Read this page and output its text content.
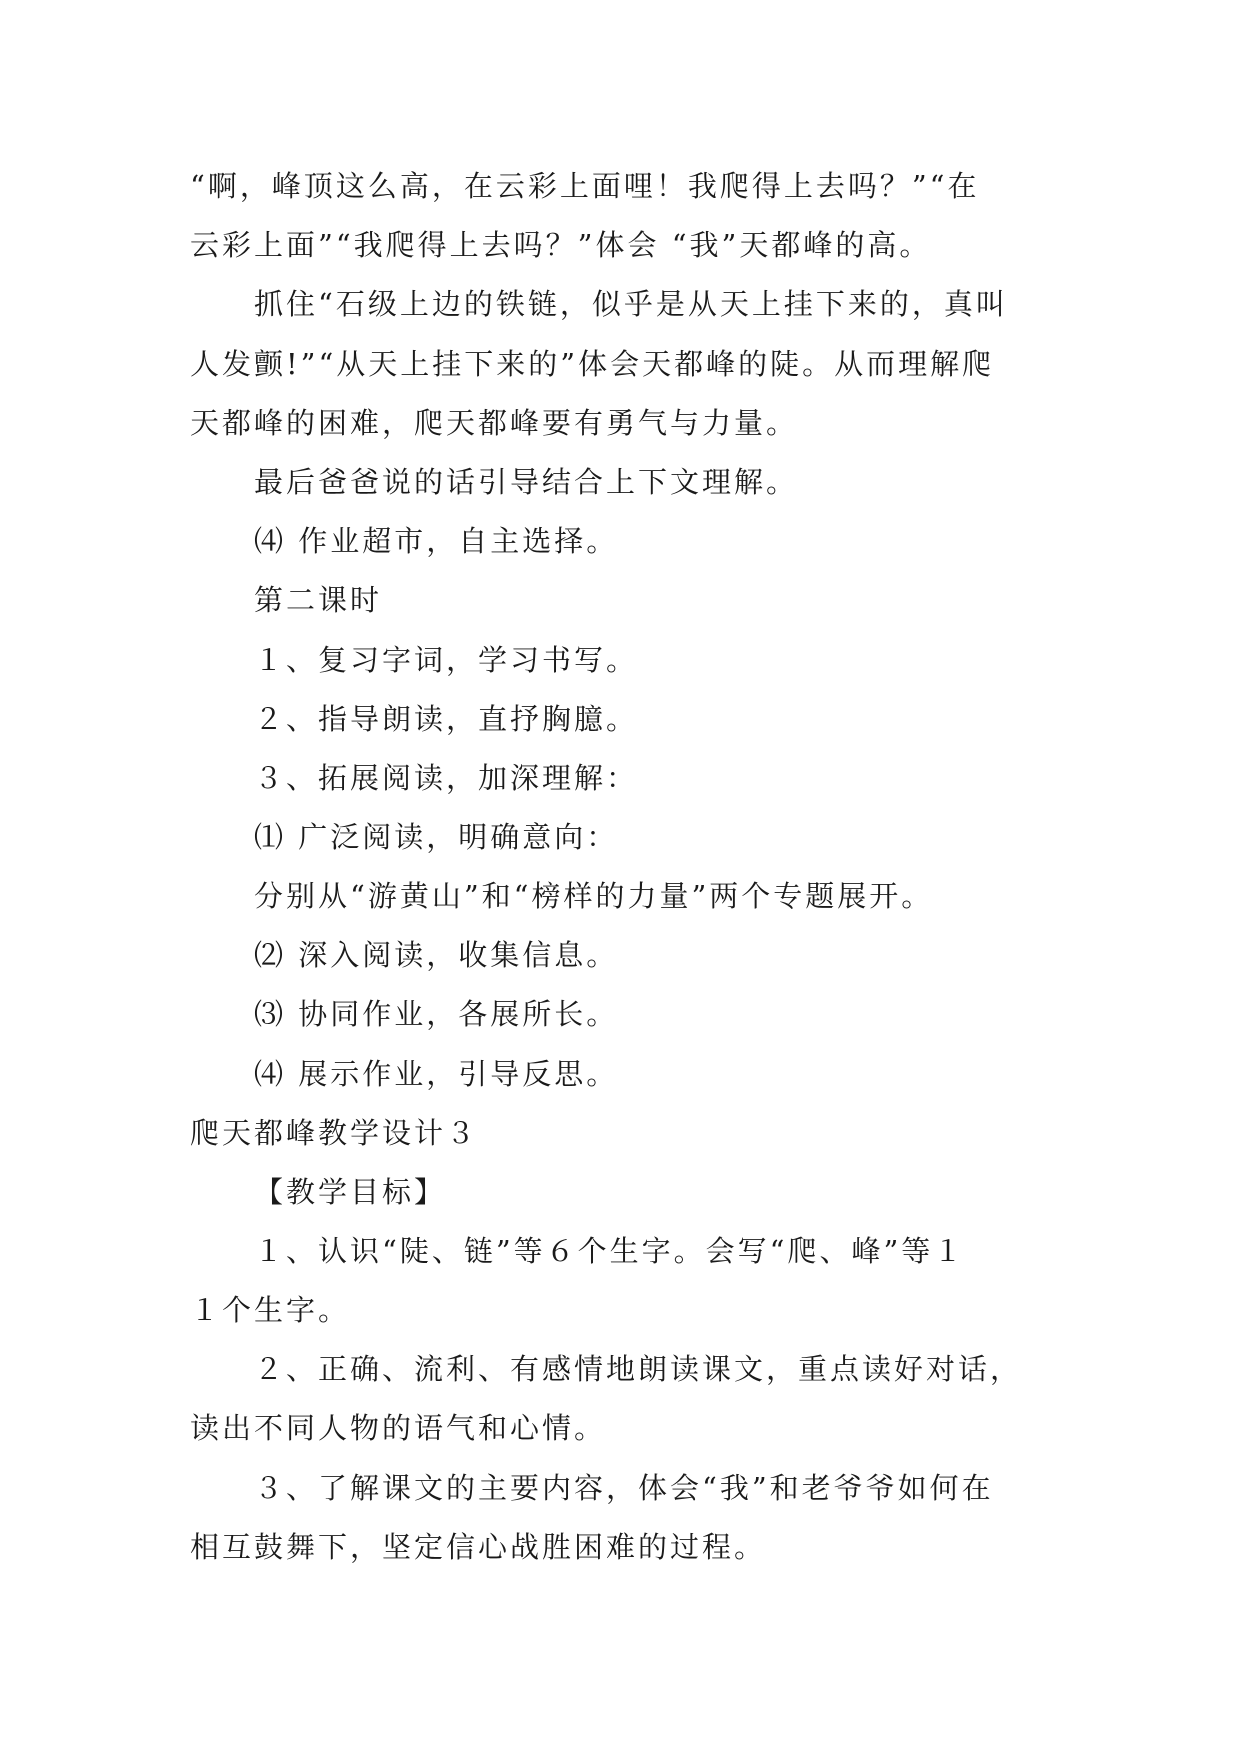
“啊，峰顶这么高，在云彩上面哩！我爬得上去吗？”“在
云彩上面”“我爬得上去吗？”体会 “我”天都峰的高。
抓住“石级上边的铁链，似乎是从天上挂下来的，真叫
人发颤!”“从天上挂下来的”体会天都峰的陡。从而理解爬
天都峰的困难，爬天都峰要有勇气与力量。
最后爸爸说的话引导结合上下文理解。
⑷ 作业超市，自主选择。
第二课时
１、复习字词，学习书写。
２、指导朗读，直抒胸臆。
３、拓展阅读，加深理解：
⑴ 广泛阅读，明确意向：
分别从“游黄山”和“榜样的力量”两个专题展开。
⑵ 深入阅读，收集信息。
⑶ 协同作业，各展所长。
⑷ 展示作业，引导反思。
爬天都峰教学设计３
【教学目标】
１、认识“陡、链”等６个生字。会写“爬、峰”等１
１个生字。
２、正确、流利、有感情地朗读课文，重点读好对话，
读出不同人物的语气和心情。
３、了解课文的主要内容，体会“我”和老爷爷如何在
相互鼓舞下，坚定信心战胜困难的过程。
